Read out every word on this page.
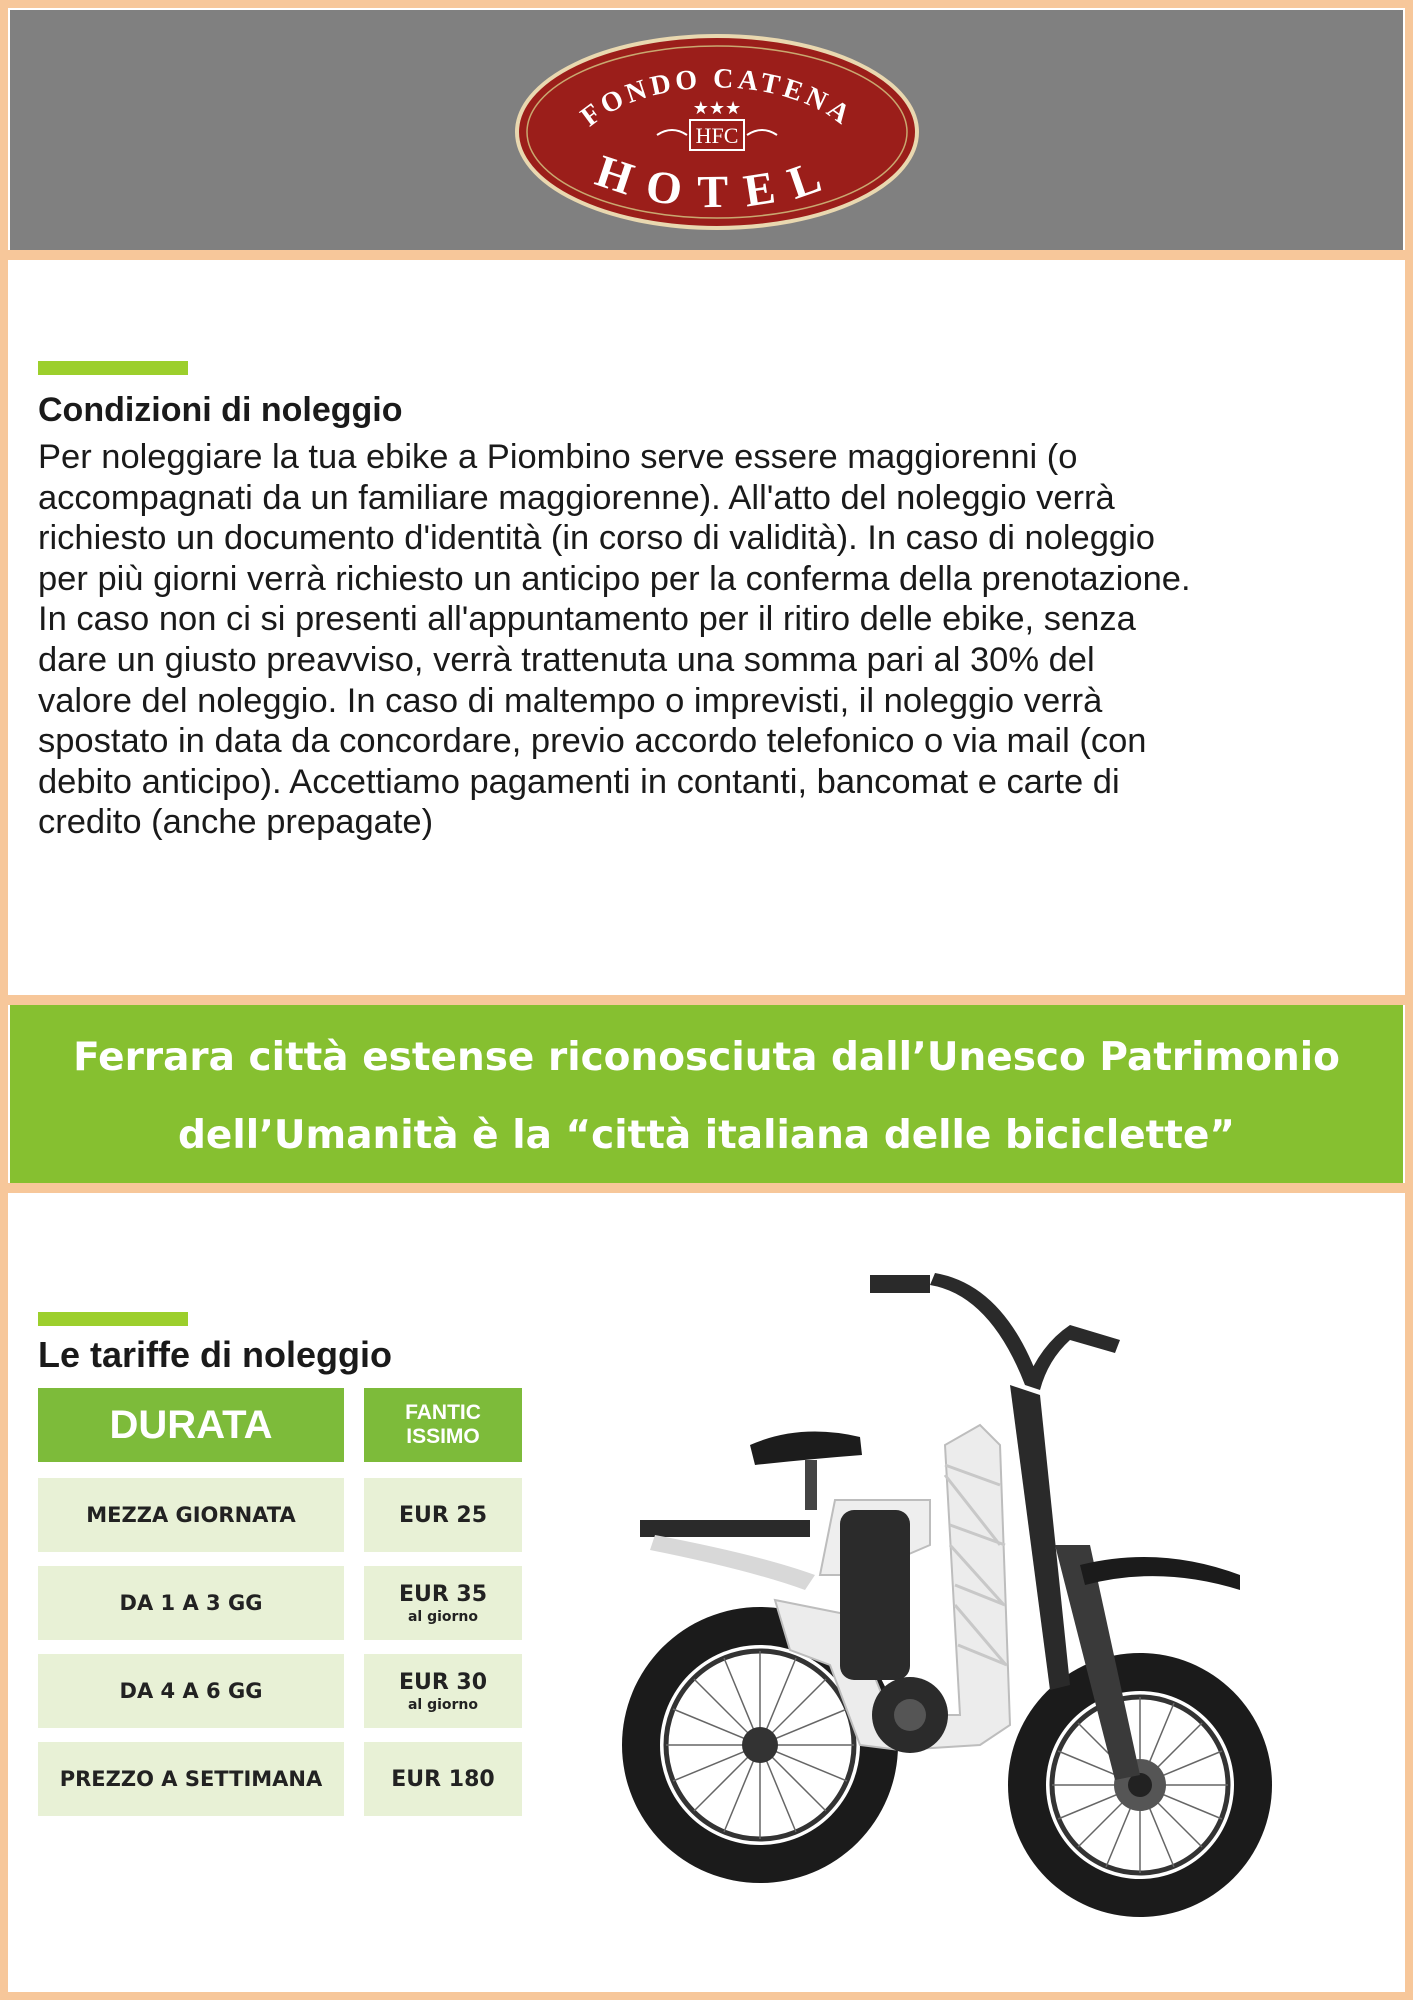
FONDO CATENA
★★★
HFC
HOTEL
Condizioni di noleggio
Per noleggiare la tua ebike a Piombino serve essere maggiorenni (o
accompagnati da un familiare maggiorenne). All'atto del noleggio verrà
richiesto un documento d'identità (in corso di validità). In caso di noleggio
per più giorni verrà richiesto un anticipo per la conferma della prenotazione.
In caso non ci si presenti all'appuntamento per il ritiro delle ebike, senza
dare un giusto preavviso, verrà trattenuta una somma pari al 30% del
valore del noleggio. In caso di maltempo o imprevisti, il noleggio verrà
spostato in data da concordare, previo accordo telefonico o via mail (con
debito anticipo). Accettiamo pagamenti in contanti, bancomat e carte di
credito (anche prepagate)
Ferrara città estense riconosciuta dall’Unesco Patrimonio
dell’Umanità è la “città italiana delle biciclette”
Le tariffe di noleggio
DURATA	FANTIC
ISSIMO
MEZZA GIORNATA	EUR 25
DA 1 A 3 GG	EUR 35
al giorno
DA 4 A 6 GG	EUR 30
al giorno
PREZZO A SETTIMANA	EUR 180
